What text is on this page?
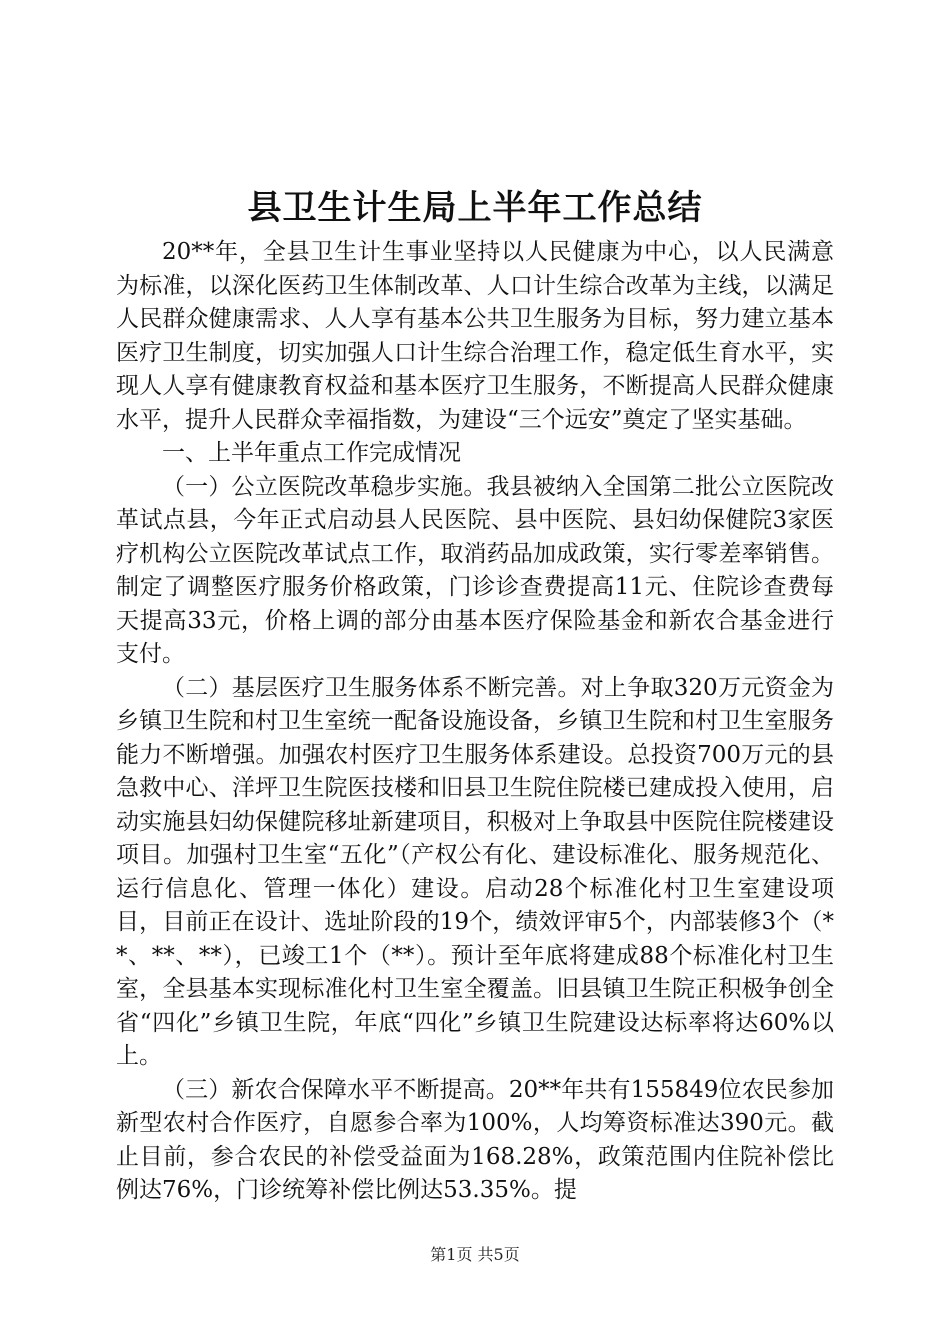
县卫生计生局上半年工作总结

20**年，全县卫生计生事业坚持以人民健康为中心，以人民满意为标准，以深化医药卫生体制改革、人口计生综合改革为主线，以满足人民群众健康需求、人人享有基本公共卫生服务为目标，努力建立基本医疗卫生制度，切实加强人口计生综合治理工作，稳定低生育水平，实现人人享有健康教育权益和基本医疗卫生服务，不断提高人民群众健康水平，提升人民群众幸福指数，为建设“三个远安”奠定了坚实基础。

一、上半年重点工作完成情况

（一）公立医院改革稳步实施。我县被纳入全国第二批公立医院改革试点县，今年正式启动县人民医院、县中医院、县妇幼保健院3家医疗机构公立医院改革试点工作，取消药品加成政策，实行零差率销售。制定了调整医疗服务价格政策，门诊诊查费提高11元、住院诊查费每天提高33元，价格上调的部分由基本医疗保险基金和新农合基金进行支付。

（二）基层医疗卫生服务体系不断完善。对上争取320万元资金为乡镇卫生院和村卫生室统一配备设施设备，乡镇卫生院和村卫生室服务能力不断增强。加强农村医疗卫生服务体系建设。总投资700万元的县急救中心、洋坪卫生院医技楼和旧县卫生院住院楼已建成投入使用，启动实施县妇幼保健院移址新建项目，积极对上争取县中医院住院楼建设项目。加强村卫生室“五化”（产权公有化、建设标准化、服务规范化、运行信息化、管理一体化）建设。启动28个标准化村卫生室建设项目，目前正在设计、选址阶段的19个，绩效评审5个，内部装修3个（**、**、**），已竣工1个（**）。预计至年底将建成88个标准化村卫生室，全县基本实现标准化村卫生室全覆盖。旧县镇卫生院正积极争创全省“四化”乡镇卫生院，年底“四化”乡镇卫生院建设达标率将达60%以上。

（三）新农合保障水平不断提高。20**年共有155849位农民参加新型农村合作医疗，自愿参合率为100%，人均筹资标准达390元。截止目前，参合农民的补偿受益面为168.28%，政策范围内住院补偿比例达76%，门诊统筹补偿比例达53.35%。提

第1页 共5页
